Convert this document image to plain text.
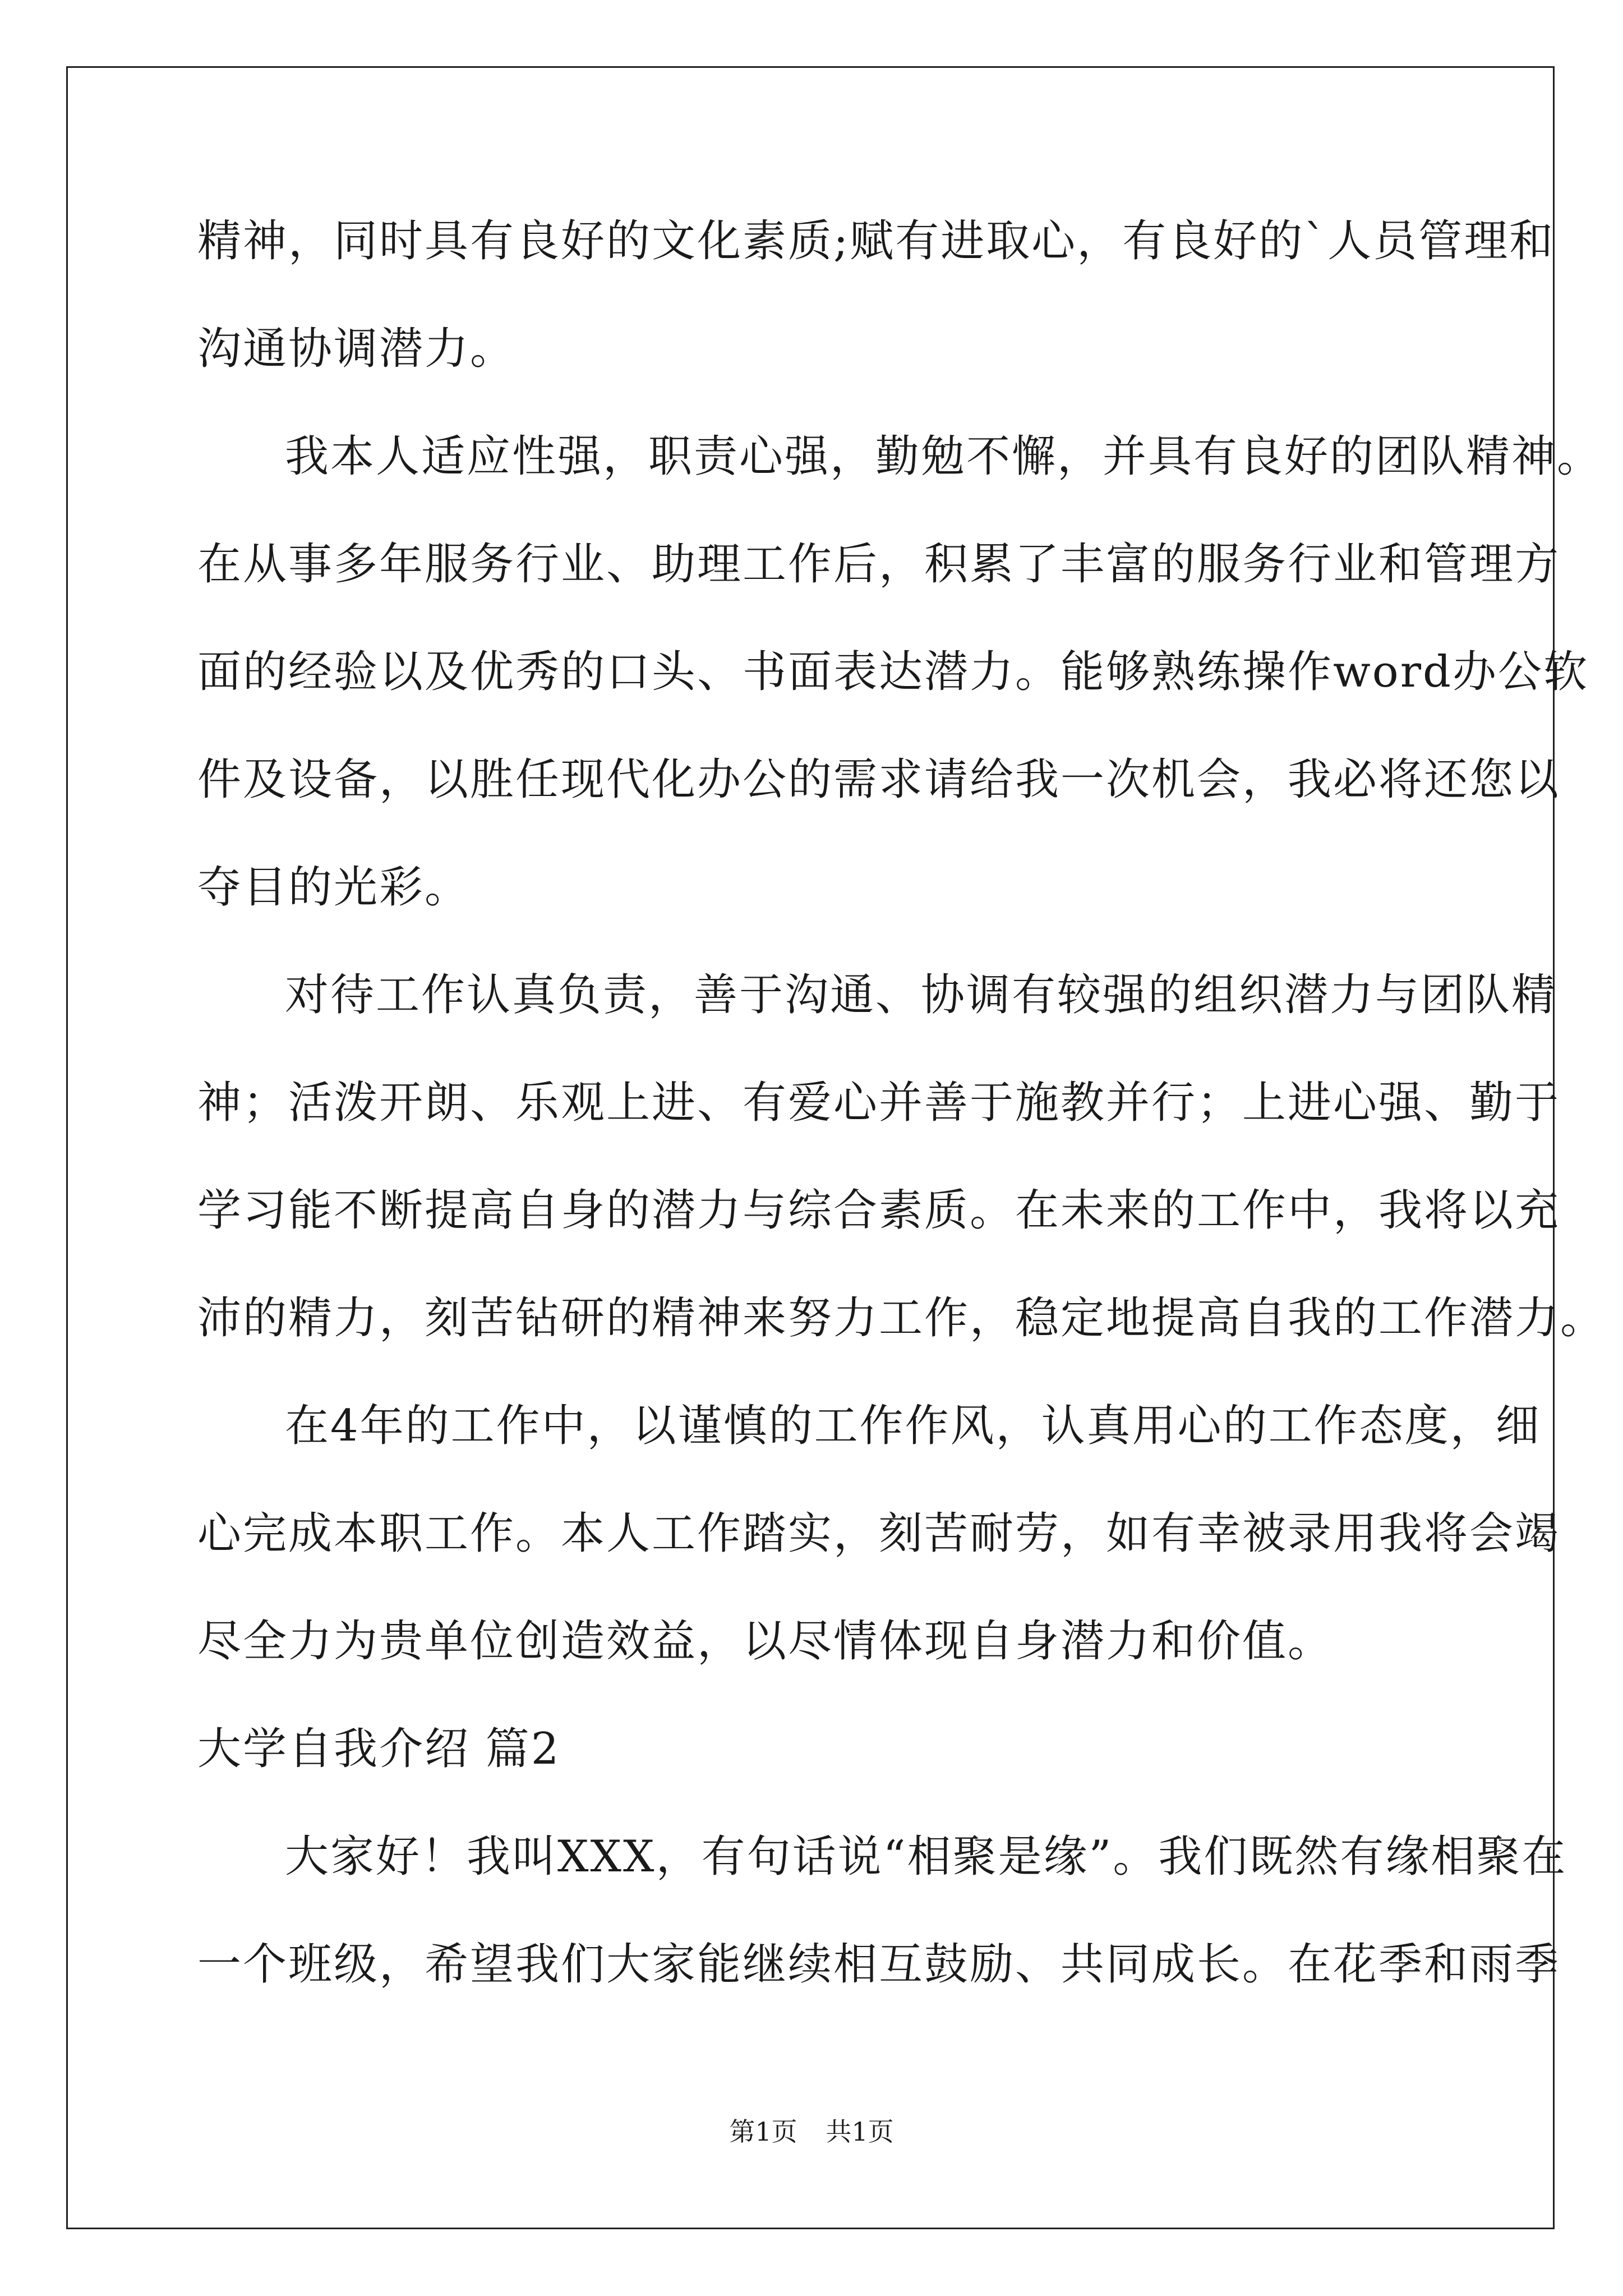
精神，同时具有良好的文化素质;赋有进取心，有良好的`人员管理和
沟通协调潜力。
我本人适应性强，职责心强，勤勉不懈，并具有良好的团队精神。
在从事多年服务行业、助理工作后，积累了丰富的服务行业和管理方
面的经验以及优秀的口头、书面表达潜力。能够熟练操作word办公软
件及设备，以胜任现代化办公的需求请给我一次机会，我必将还您以
夺目的光彩。
对待工作认真负责，善于沟通、协调有较强的组织潜力与团队精
神；活泼开朗、乐观上进、有爱心并善于施教并行；上进心强、勤于
学习能不断提高自身的潜力与综合素质。在未来的工作中，我将以充
沛的精力，刻苦钻研的精神来努力工作，稳定地提高自我的工作潜力。
在4年的工作中，以谨慎的工作作风，认真用心的工作态度，细
心完成本职工作。本人工作踏实，刻苦耐劳，如有幸被录用我将会竭
尽全力为贵单位创造效益，以尽情体现自身潜力和价值。
大学自我介绍 篇2
大家好！我叫XXX，有句话说“相聚是缘”。我们既然有缘相聚在
一个班级，希望我们大家能继续相互鼓励、共同成长。在花季和雨季
第1页 共1页
